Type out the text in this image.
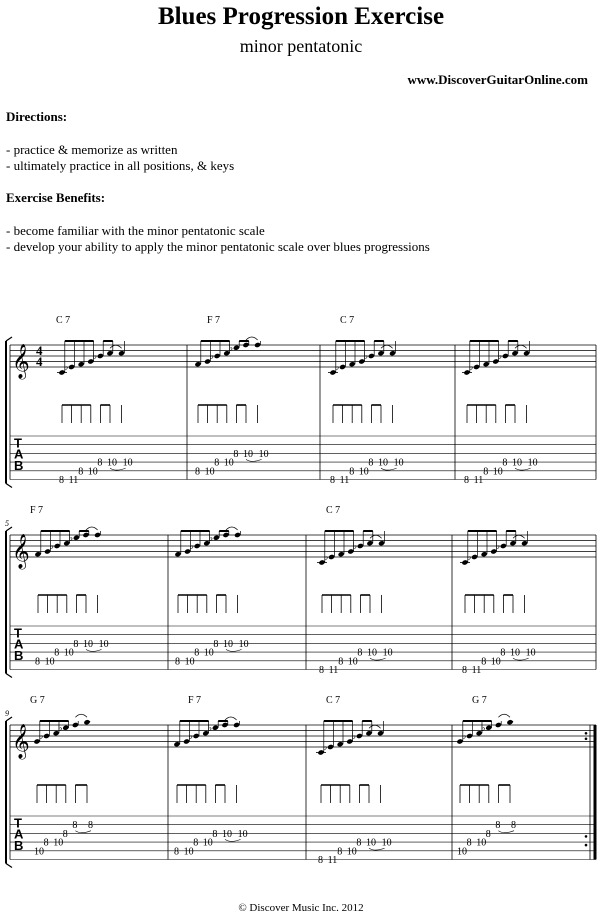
Blues Progression Exercise
minor pentatonic
www.DiscoverGuitarOnline.com
Directions:
- practice & memorize as written
- ultimately practice in all positions, & keys
Exercise Benefits:
- become familiar with the minor pentatonic scale
- develop your ability to apply the minor pentatonic scale over blues progressions
𝄞
T
A
B
4
4
C 7
♭
♭
8 11
8 10
8 10 10
F 7
♭
♭
8 10
8 10
8 10 10
C 7
♭
♭
8 11
8 10
8 10 10
♭
♭
8 11
8 10
8 10 10
𝄞
T
A
B
5
F 7
♭
♭
8 10
8 10
8 10 10
♭
♭
8 10
8 10
8 10 10
C 7
♭
♭
8 11
8 10
8 10 10
♭
♭
8 11
8 10
8 10 10
𝄞
T
A
B
9
G 7
♭
♭
10
8 10
8
8 8
F 7
♭
♭
8 10
8 10
8 10 10
C 7
♭
♭
8 11
8 10
8 10 10
G 7
♭
♭
10
8 10
8
8 8
© Discover Music Inc. 2012
